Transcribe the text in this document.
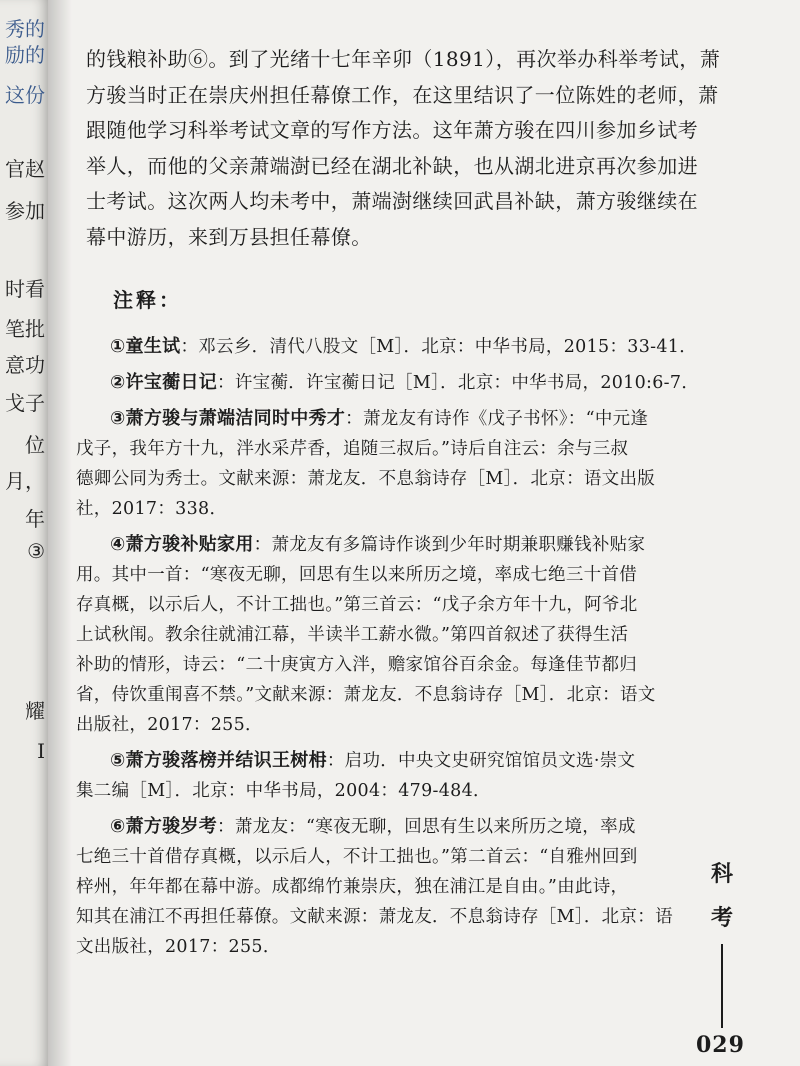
秀的
励的
这份
官赵
参加
时看
笔批
意功
戈子
位
月，
年
③
耀
I
的钱粮补助⑥。到了光绪十七年辛卯（1891），再次举办科举考试，萧
方骏当时正在崇庆州担任幕僚工作，在这里结识了一位陈姓的老师，萧
跟随他学习科举考试文章的写作方法。这年萧方骏在四川参加乡试考
举人，而他的父亲萧端澍已经在湖北补缺，也从湖北进京再次参加进
士考试。这次两人均未考中，萧端澍继续回武昌补缺，萧方骏继续在
幕中游历，来到万县担任幕僚。
注释：
①童生试：邓云乡．清代八股文［M］．北京：中华书局，2015：33-41．
②许宝蘅日记：许宝蘅．许宝蘅日记［M］．北京：中华书局，2010:6-7．
③萧方骏与萧端洁同时中秀才：萧龙友有诗作《戊子书怀》：“中元逢
戊子，我年方十九，泮水采芹香，追随三叔后。”诗后自注云：余与三叔
德卿公同为秀士。文献来源：萧龙友．不息翁诗存［M］．北京：语文出版
社，2017：338．
④萧方骏补贴家用：萧龙友有多篇诗作谈到少年时期兼职赚钱补贴家
用。其中一首：“寒夜无聊，回思有生以来所历之境，率成七绝三十首借
存真概，以示后人，不计工拙也。”第三首云：“戊子余方年十九，阿爷北
上试秋闱。教余往就浦江幕，半读半工薪水微。”第四首叙述了获得生活
补助的情形，诗云：“二十庚寅方入泮，赡家馆谷百余金。每逢佳节都归
省，侍饮重闱喜不禁。”文献来源：萧龙友．不息翁诗存［M］．北京：语文
出版社，2017：255．
⑤萧方骏落榜并结识王树枏：启功．中央文史研究馆馆员文选·崇文
集二编［M］．北京：中华书局，2004：479-484．
⑥萧方骏岁考：萧龙友：“寒夜无聊，回思有生以来所历之境，率成
七绝三十首借存真概，以示后人，不计工拙也。”第二首云：“自雅州回到
梓州，年年都在幕中游。成都绵竹兼崇庆，独在浦江是自由。”由此诗，
知其在浦江不再担任幕僚。文献来源：萧龙友．不息翁诗存［M］．北京：语
文出版社，2017：255．
科
考
029
